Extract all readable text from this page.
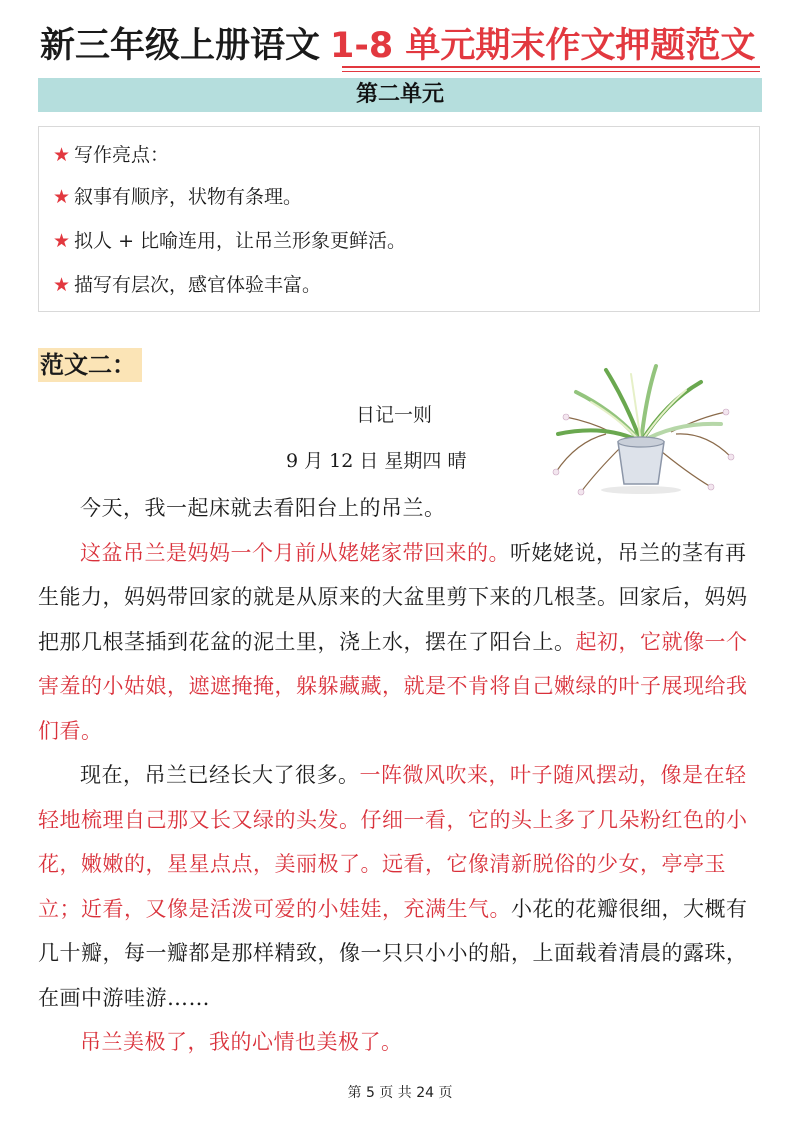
新三年级上册语文 1-8 单元期末作文押题范文
第二单元
★ 写作亮点：
★ 叙事有顺序，状物有条理。
★ 拟人 + 比喻连用，让吊兰形象更鲜活。
★ 描写有层次，感官体验丰富。
范文二：
日记一则
9 月 12 日 星期四 晴

今天，我一起床就去看阳台上的吊兰。

这盆吊兰是妈妈一个月前从姥姥家带回来的。听姥姥说，吊兰的茎有再生能力，妈妈带回家的就是从原来的大盆里剪下来的几根茎。回家后，妈妈把那几根茎插到花盆的泥土里，浇上水，摆在了阳台上。起初，它就像一个害羞的小姑娘，遮遮掩掩，躲躲藏藏，就是不肯将自己嫩绿的叶子展现给我们看。

现在，吊兰已经长大了很多。一阵微风吹来，叶子随风摆动，像是在轻轻地梳理自己那又长又绿的头发。仔细一看，它的头上多了几朵粉红色的小花，嫩嫩的，星星点点，美丽极了。远看，它像清新脱俗的少女，亭亭玉立；近看，又像是活泼可爱的小娃娃，充满生气。小花的花瓣很细，大概有几十瓣，每一瓣都是那样精致，像一只只小小的船，上面载着清晨的露珠，在画中游哇游……

吊兰美极了，我的心情也美极了。

第 5 页 共 24 页
